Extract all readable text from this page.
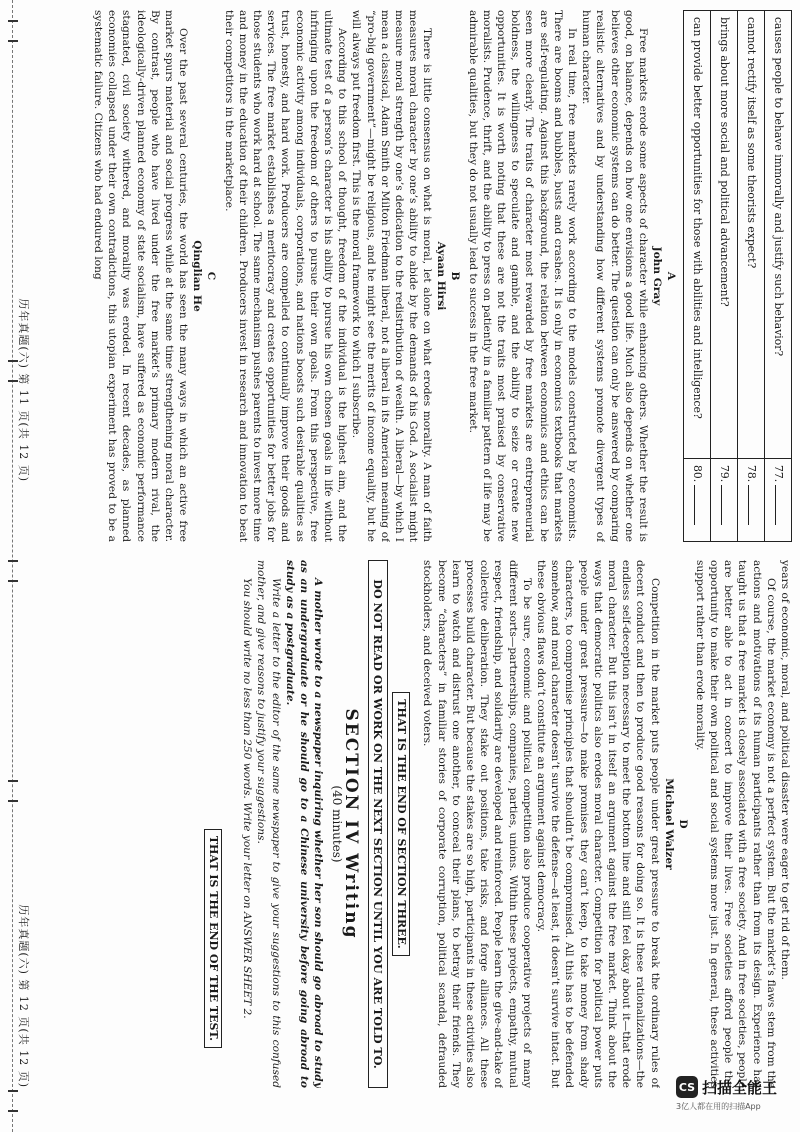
causes people to behave immorally and justify such behavior?	77.
cannot rectify itself as some theorists expect?	78.
brings about more social and political advancement?	79.
can provide better opportunities for those with abilities and intelligence?	80.
A
John Gray

Free markets erode some aspects of character while enhancing others. Whether the result is good, on balance, depends on how one envisions a good life. Much also depends on whether one believes other economic systems can do better. The question can only be answered by comparing realistic alternatives and by understanding how different systems promote divergent types of human character.

In real time, free markets rarely work according to the models constructed by economists. There are booms and bubbles, busts and crashes. It is only in economics textbooks that markets are self-regulating. Against this background, the relation between economics and ethics can be seen more clearly. The traits of character most rewarded by free markets are entrepreneurial boldness, the willingness to speculate and gamble, and the ability to seize or create new opportunities. It is worth noting that these are not the traits most praised by conservative moralists. Prudence, thrift, and the ability to press on patiently in a familiar pattern of life may be admirable qualities, but they do not usually lead to success in the free market.

B
Ayaan Hirsi

There is little consensus on what is moral, let alone on what erodes morality. A man of faith measures moral character by one’s ability to abide by the demands of his God. A socialist might measure moral strength by one’s dedication to the redistribution of wealth. A liberal—by which I mean a classical, Adam Smith or Milton Friedman liberal, not a liberal in its American meaning of “pro-big government”—might be religious, and he might see the merits of income equality, but he will always put freedom first. This is the moral framework to which I subscribe.

According to this school of thought, freedom of the individual is the highest aim, and the ultimate test of a person’s character is his ability to pursue his own chosen goals in life without infringing upon the freedom of others to pursue their own goals. From this perspective, free economic activity among individuals, corporations, and nations boosts such desirable qualities as trust, honesty, and hard work. Producers are compelled to continually improve their goods and services. The free market establishes a meritocracy and creates opportunities for better jobs for those students who work hard at school. The same mechanism pushes parents to invest more time and money in the education of their children. Producers invest in research and innovation to beat their competitors in the marketplace.

C
Qinglian He

Over the past several centuries, the world has seen the many ways in which an active free market spurs material and social progress while at the same time strengthening moral character. By contrast, people who have lived under the free market’s primary modern rival, the ideologically-driven planned economy of state socialism, have suffered as economic performance stagnated, civil society withered, and morality was eroded. In recent decades, as planned economies collapsed under their own contradictions, this utopian experiment has proved to be a systematic failure. Citizens who had endured long

历年真题(六) 第 11 页(共 12 页)

years of economic, moral, and political disaster were eager to get rid of them.

Of course, the market economy is not a perfect system. But the market’s flaws stem from the actions and motivations of its human participants rather than from its design. Experience has taught us that a free market is closely associated with a free society. And in free societies, people are better able to act in concert to improve their lives. Free societies afford people the opportunity to make their own political and social systems more just. In general, these activities support rather than erode morality.

D
Michael Walzer

Competition in the market puts people under great pressure to break the ordinary rules of decent conduct and then to produce good reasons for doing so. It is these rationalizations—the endless self-deception necessary to meet the bottom line and still feel okay about it—that erode moral character. But this isn’t in itself an argument against the free market. Think about the ways that democratic politics also erodes moral character. Competition for political power puts people under great pressure—to make promises they can’t keep, to take money from shady characters, to compromise principles that shouldn’t be compromised. All this has to be defended somehow, and moral character doesn’t survive the defense—at least, it doesn’t survive intact. But these obvious flaws don’t constitute an argument against democracy.

To be sure, economic and political competition also produce cooperative projects of many different sorts—partnerships, companies, parties, unions. Within these projects, empathy, mutual respect, friendship, and solidarity are developed and reinforced. People learn the give-and-take of collective deliberation. They stake out positions, take risks, and forge alliances. All these processes build character. But because the stakes are so high, participants in these activities also learn to watch and distrust one another, to conceal their plans, to betray their friends. They become “characters” in familiar stories of corporate corruption, political scandal, defrauded stockholders, and deceived voters.

THAT IS THE END OF SECTION THREE.
DO NOT READ OR WORK ON THE NEXT SECTION UNTIL YOU ARE TOLD TO.
SECTION IV Writing
(40 minutes)

A mother wrote to a newspaper inquiring whether her son should go abroad to study as an undergraduate or he should go to a Chinese university before going abroad to study as a postgraduate.

Write a letter to the editor of the same newspaper to give your suggestions to this confused mother, and give reasons to justify your suggestions.

You should write no less than 250 words. Write your letter on ANSWER SHEET 2.

THAT IS THE END OF THE TEST.
历年真题(六) 第 12 页(共 12 页)	CS 扫描全能王
3亿人都在用的扫描App
